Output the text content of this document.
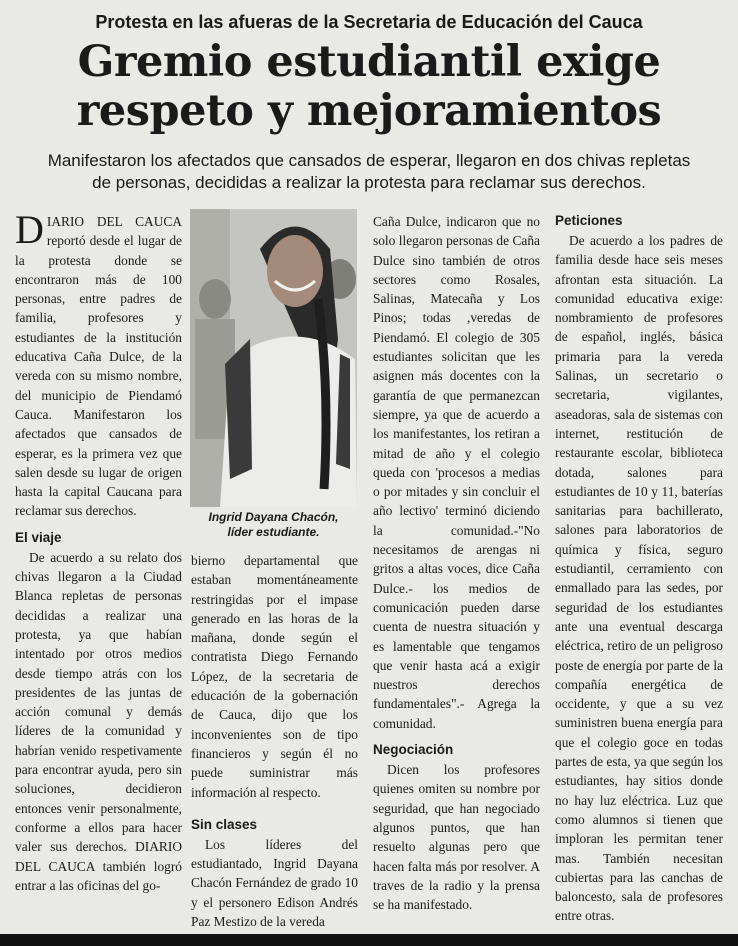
Protesta en las afueras de la Secretaria de Educación del Cauca
Gremio estudiantil exige
respeto y mejoramientos
Manifestaron los afectados que cansados de esperar, llegaron en dos chivas repletas
de personas, decididas a realizar la protesta para reclamar sus derechos.

DIARIO DEL CAUCA reportó desde el lugar de la protesta donde se encontraron más de 100 personas, entre padres de familia, profesores y estudiantes de la institución educativa Caña Dulce, de la vereda con su mismo nombre, del municipio de Piendamó Cauca. Manifestaron los afectados que cansados de esperar, es la primera vez que salen desde su lugar de origen hasta la capital Caucana para reclamar sus derechos.

El viaje

De acuerdo a su relato dos chivas llegaron a la Ciudad Blanca repletas de personas decididas a realizar una protesta, ya que habían intentado por otros medios desde tiempo atrás con los presidentes de las juntas de acción comunal y demás líderes de la comunidad y habrían venido respetivamente para encontrar ayuda, pero sin soluciones, decidieron entonces venir personalmente, conforme a ellos para hacer valer sus derechos. DIARIO DEL CAUCA también logró entrar a las oficinas del go-

Ingrid Dayana Chacón,
líder estudiante.

bierno departamental que estaban momentáneamente restringidas por el impase generado en las horas de la mañana, donde según el contratista Diego Fernando López, de la secretaria de educación de la gobernación de Cauca, dijo que los inconvenientes son de tipo financieros y según él no puede suministrar más información al respecto.

Sin clases

Los líderes del estudiantado, Ingrid Dayana Chacón Fernández de grado 10 y el personero Edison Andrés Paz Mestizo de la vereda

Caña Dulce, indicaron que no solo llegaron personas de Caña Dulce sino también de otros sectores como Rosales, Salinas, Matecaña y Los Pinos; todas ,veredas de Piendamó. El colegio de 305 estudiantes solicitan que les asignen más docentes con la garantía de que permanezcan siempre, ya que de acuerdo a los manifestantes, los retiran a mitad de año y el colegio queda con 'procesos a medias o por mitades y sin concluir el año lectivo' terminó diciendo la comunidad.-"No necesitamos de arengas ni gritos a altas voces, dice Caña Dulce.- los medios de comunicación pueden darse cuenta de nuestra situación y es lamentable que tengamos que venir hasta acá a exigir nuestros derechos fundamentales".- Agrega la comunidad.

Negociación

Dicen los profesores quienes omiten su nombre por seguridad, que han negociado algunos puntos, que han resuelto algunas pero que hacen falta más por resolver. A traves de la radio y la prensa se ha manifestado.

Peticiones

De acuerdo a los padres de familia desde hace seis meses afrontan esta situación. La comunidad educativa exige: nombramiento de profesores de español, inglés, básica primaria para la vereda Salinas, un secretario o secretaria, vigilantes, aseadoras, sala de sistemas con internet, restitución de restaurante escolar, biblioteca dotada, salones para estudiantes de 10 y 11, baterías sanitarias para bachillerato, salones para laboratorios de química y física, seguro estudiantil, cerramiento con enmallado para las sedes, por seguridad de los estudiantes ante una eventual descarga eléctrica, retiro de un peligroso poste de energía por parte de la compañía energética de occidente, y que a su vez suministren buena energía para que el colegio goce en todas partes de esta, ya que según los estudiantes, hay sitios donde no hay luz eléctrica. Luz que como alumnos si tienen que imploran les permitan tener mas. También necesitan cubiertas para las canchas de baloncesto, sala de profesores entre otras.
